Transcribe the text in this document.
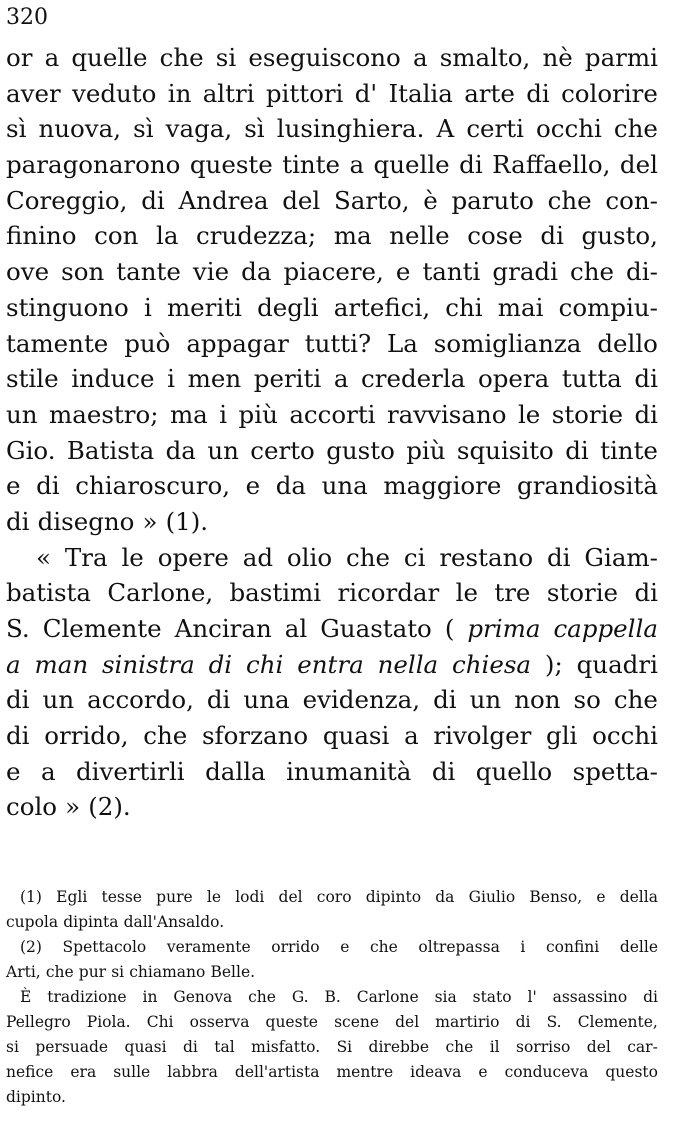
320
or a quelle che si eseguiscono a smalto, nè parmi
aver veduto in altri pittori d' Italia arte di colorire
sì nuova, sì vaga, sì lusinghiera. A certi occhi che
paragonarono queste tinte a quelle di Raffaello, del
Coreggio, di Andrea del Sarto, è paruto che con-
finino con la crudezza; ma nelle cose di gusto,
ove son tante vie da piacere, e tanti gradi che di-
stinguono i meriti degli artefici, chi mai compiu-
tamente può appagar tutti? La somiglianza dello
stile induce i men periti a crederla opera tutta di
un maestro; ma i più accorti ravvisano le storie di
Gio. Batista da un certo gusto più squisito di tinte
e di chiaroscuro, e da una maggiore grandiosità
di disegno » (1).
« Tra le opere ad olio che ci restano di Giam-
batista Carlone, bastimi ricordar le tre storie di
S. Clemente Anciran al Guastato ( prima cappella
a man sinistra di chi entra nella chiesa ); quadri
di un accordo, di una evidenza, di un non so che
di orrido, che sforzano quasi a rivolger gli occhi
e a divertirli dalla inumanità di quello spetta-
colo » (2).
(1) Egli tesse pure le lodi del coro dipinto da Giulio Benso, e della
cupola dipinta dall'Ansaldo.
(2) Spettacolo veramente orrido e che oltrepassa i confini delle
Arti, che pur si chiamano Belle.
È tradizione in Genova che G. B. Carlone sia stato l' assassino di
Pellegro Piola. Chi osserva queste scene del martirio di S. Clemente,
si persuade quasi di tal misfatto. Si direbbe che il sorriso del car-
nefice era sulle labbra dell'artista mentre ideava e conduceva questo
dipinto.
